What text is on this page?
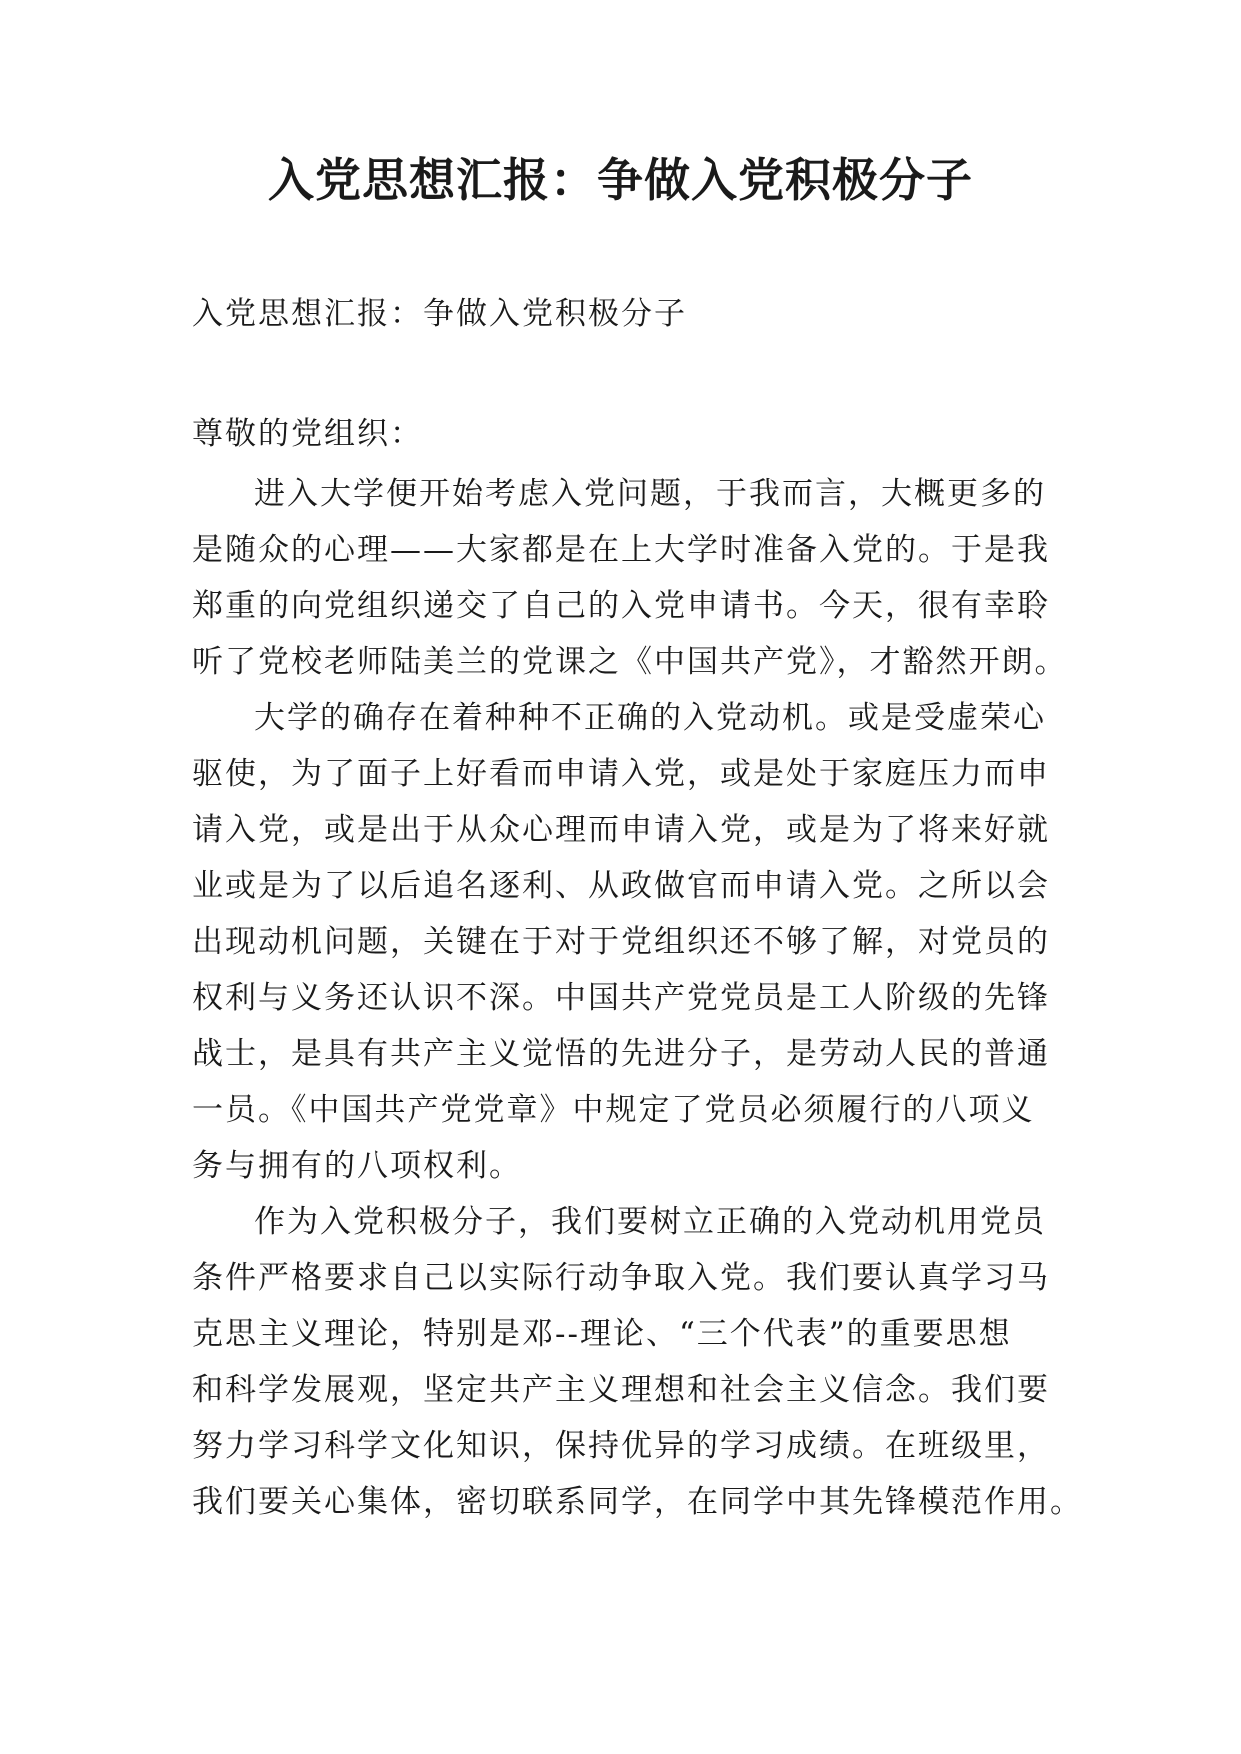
入党思想汇报：争做入党积极分子

入党思想汇报：争做入党积极分子

尊敬的党组织：

进入大学便开始考虑入党问题，于我而言，大概更多的
是随众的心理——大家都是在上大学时准备入党的。于是我
郑重的向党组织递交了自己的入党申请书。今天，很有幸聆
听了党校老师陆美兰的党课之《中国共产党》，才豁然开朗。
大学的确存在着种种不正确的入党动机。或是受虚荣心
驱使，为了面子上好看而申请入党，或是处于家庭压力而申
请入党，或是出于从众心理而申请入党，或是为了将来好就
业或是为了以后追名逐利、从政做官而申请入党。之所以会
出现动机问题，关键在于对于党组织还不够了解，对党员的
权利与义务还认识不深。中国共产党党员是工人阶级的先锋
战士，是具有共产主义觉悟的先进分子，是劳动人民的普通
一员。《中国共产党党章》中规定了党员必须履行的八项义
务与拥有的八项权利。
作为入党积极分子，我们要树立正确的入党动机用党员
条件严格要求自己以实际行动争取入党。我们要认真学习马
克思主义理论，特别是邓--理论、“三个代表”的重要思想
和科学发展观，坚定共产主义理想和社会主义信念。我们要
努力学习科学文化知识，保持优异的学习成绩。在班级里，
我们要关心集体，密切联系同学，在同学中其先锋模范作用。
